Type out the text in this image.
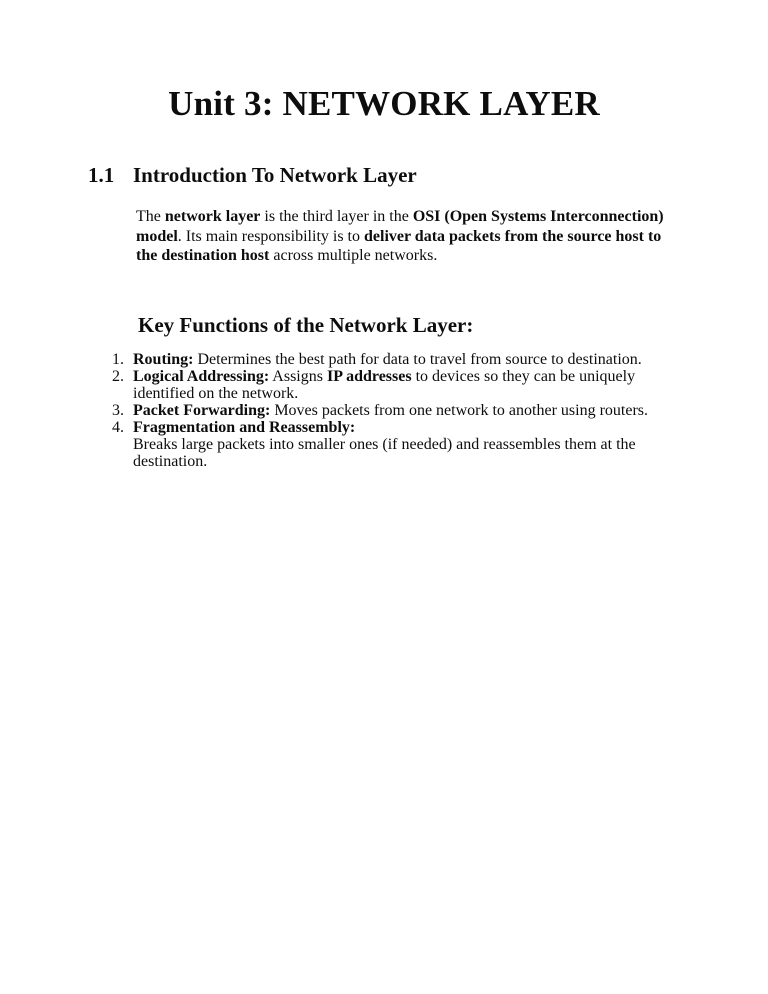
Unit 3: NETWORK LAYER
1.1 Introduction To Network Layer
The network layer is the third layer in the OSI (Open Systems Interconnection) model. Its main responsibility is to deliver data packets from the source host to the destination host across multiple networks.
Key Functions of the Network Layer:
1. Routing: Determines the best path for data to travel from source to destination.
2. Logical Addressing: Assigns IP addresses to devices so they can be uniquely identified on the network.
3. Packet Forwarding: Moves packets from one network to another using routers.
4. Fragmentation and Reassembly:
Breaks large packets into smaller ones (if needed) and reassembles them at the destination.
